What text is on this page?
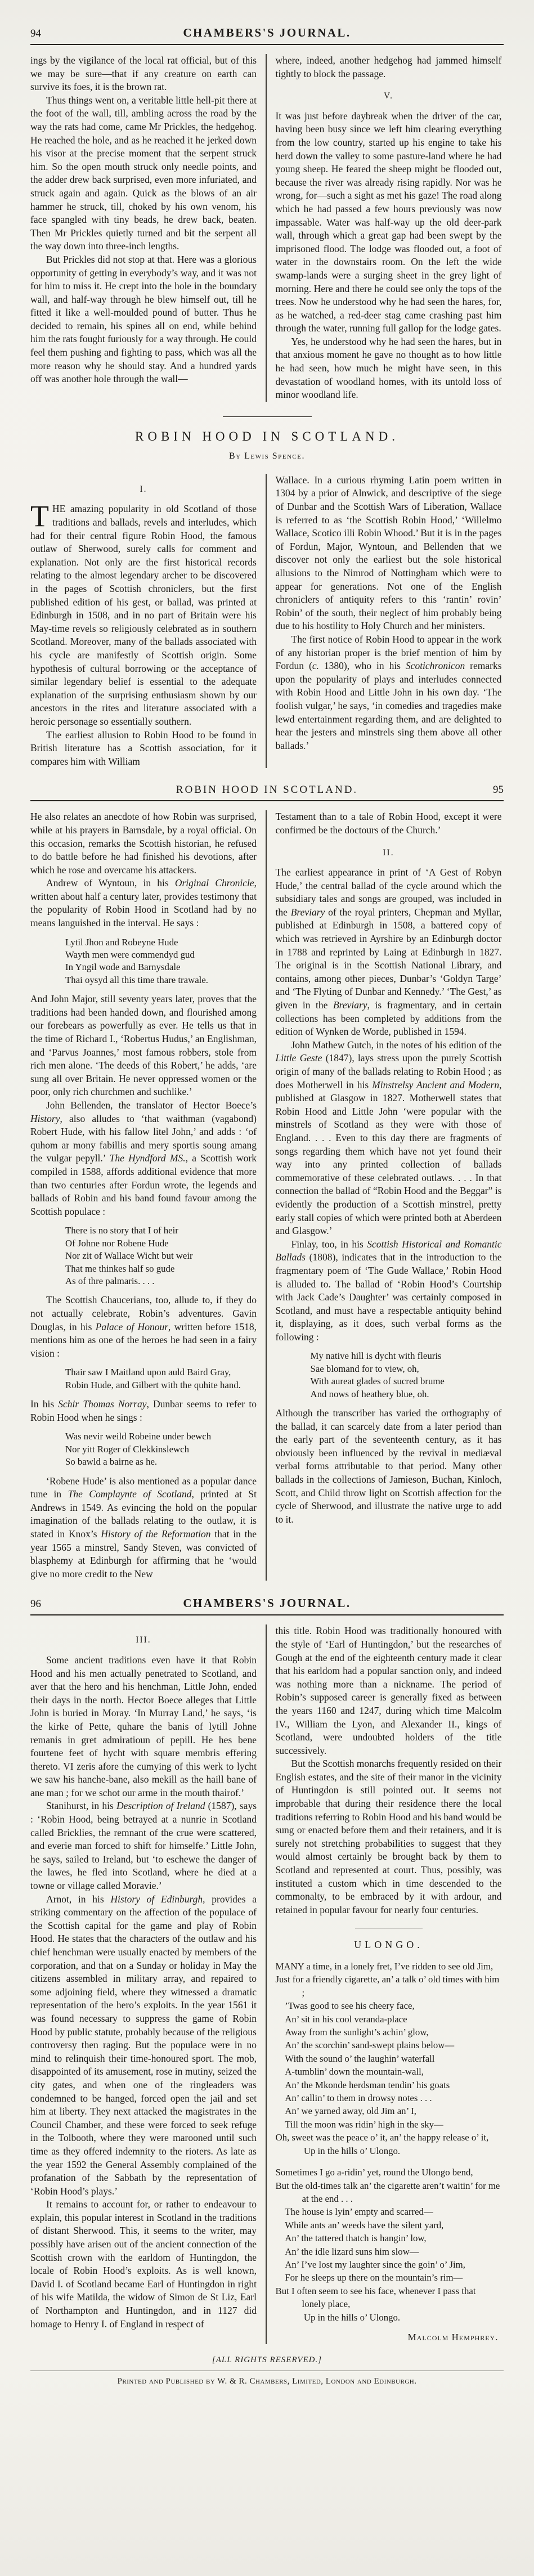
94	CHAMBERS'S JOURNAL.

ings by the vigilance of the local rat official, but of this we may be sure—that if any creature on earth can survive its foes, it is the brown rat.

Thus things went on, a veritable little hell-pit there at the foot of the wall, till, ambling across the road by the way the rats had come, came Mr Prickles, the hedgehog. He reached the hole, and as he reached it he jerked down his visor at the precise moment that the serpent struck him. So the open mouth struck only needle points, and the adder drew back surprised, even more infuriated, and struck again and again. Quick as the blows of an air hammer he struck, till, choked by his own venom, his face spangled with tiny beads, he drew back, beaten. Then Mr Prickles quietly turned and bit the serpent all the way down into three-inch lengths.

But Prickles did not stop at that. Here was a glorious opportunity of getting in everybody’s way, and it was not for him to miss it. He crept into the hole in the boundary wall, and half-way through he blew himself out, till he fitted it like a well-moulded pound of butter. Thus he decided to remain, his spines all on end, while behind him the rats fought furiously for a way through. He could feel them pushing and fighting to pass, which was all the more reason why he should stay. And a hundred yards off was another hole through the wall—

where, indeed, another hedgehog had jammed himself tightly to block the passage.

V.

It was just before daybreak when the driver of the car, having been busy since we left him clearing everything from the low country, started up his engine to take his herd down the valley to some pasture-land where he had young sheep. He feared the sheep might be flooded out, because the river was already rising rapidly. Nor was he wrong, for—such a sight as met his gaze! The road along which he had passed a few hours previously was now impassable. Water was half-way up the old deer-park wall, through which a great gap had been swept by the imprisoned flood. The lodge was flooded out, a foot of water in the downstairs room. On the left the wide swamp-lands were a surging sheet in the grey light of morning. Here and there he could see only the tops of the trees. Now he understood why he had seen the hares, for, as he watched, a red-deer stag came crashing past him through the water, running full gallop for the lodge gates.

Yes, he understood why he had seen the hares, but in that anxious moment he gave no thought as to how little he had seen, how much he might have seen, in this devastation of woodland homes, with its untold loss of minor woodland life.

ROBIN HOOD IN SCOTLAND.
By Lewis Spence.
I.

THE amazing popularity in old Scotland of those traditions and ballads, revels and interludes, which had for their central figure Robin Hood, the famous outlaw of Sherwood, surely calls for comment and explanation. Not only are the first historical records relating to the almost legendary archer to be discovered in the pages of Scottish chroniclers, but the first published edition of his gest, or ballad, was printed at Edinburgh in 1508, and in no part of Britain were his May-time revels so religiously celebrated as in southern Scotland. Moreover, many of the ballads associated with his cycle are manifestly of Scottish origin. Some hypothesis of cultural borrowing or the acceptance of similar legendary belief is essential to the adequate explanation of the surprising enthusiasm shown by our ancestors in the rites and literature associated with a heroic personage so essentially southern.

The earliest allusion to Robin Hood to be found in British literature has a Scottish association, for it compares him with William

Wallace. In a curious rhyming Latin poem written in 1304 by a prior of Alnwick, and descriptive of the siege of Dunbar and the Scottish Wars of Liberation, Wallace is referred to as ‘the Scottish Robin Hood,’ ‘Willelmo Wallace, Scotico illi Robin Whood.’ But it is in the pages of Fordun, Major, Wyntoun, and Bellenden that we discover not only the earliest but the sole historical allusions to the Nimrod of Nottingham which were to appear for generations. Not one of the English chroniclers of antiquity refers to this ‘rantin’ rovin’ Robin’ of the south, their neglect of him probably being due to his hostility to Holy Church and her ministers.

The first notice of Robin Hood to appear in the work of any historian proper is the brief mention of him by Fordun (c. 1380), who in his Scotichronicon remarks upon the popularity of plays and interludes connected with Robin Hood and Little John in his own day. ‘The foolish vulgar,’ he says, ‘in comedies and tragedies make lewd entertainment regarding them, and are delighted to hear the jesters and minstrels sing them above all other ballads.’

ROBIN HOOD IN SCOTLAND.	95

He also relates an anecdote of how Robin was surprised, while at his prayers in Barnsdale, by a royal official. On this occasion, remarks the Scottish historian, he refused to do battle before he had finished his devotions, after which he rose and overcame his attackers.

Andrew of Wyntoun, in his Original Chronicle, written about half a century later, provides testimony that the popularity of Robin Hood in Scotland had by no means languished in the interval. He says :

Lytil Jhon and Robeyne Hude
Wayth men were commendyd gud
In Yngil wode and Barnysdale
Thai oysyd all this time thare trawale.

And John Major, still seventy years later, proves that the traditions had been handed down, and flourished among our forebears as powerfully as ever. He tells us that in the time of Richard I., ‘Robertus Hudus,’ an Englishman, and ‘Parvus Joannes,’ most famous robbers, stole from rich men alone. ‘The deeds of this Robert,’ he adds, ‘are sung all over Britain. He never oppressed women or the poor, only rich churchmen and suchlike.’

John Bellenden, the translator of Hector Boece’s History, also alludes to ‘that waithman (vagabond) Robert Hude, with his fallow litel John,’ and adds : ‘of quhom ar mony fabillis and mery sportis soung amang the vulgar pepyll.’ The Hyndford MS., a Scottish work compiled in 1588, affords additional evidence that more than two centuries after Fordun wrote, the legends and ballads of Robin and his band found favour among the Scottish populace :

There is no story that I of heir
Of Johne nor Robene Hude
Nor zit of Wallace Wicht but weir
That me thinkes half so gude
As of thre palmaris. . . .

The Scottish Chaucerians, too, allude to, if they do not actually celebrate, Robin’s adventures. Gavin Douglas, in his Palace of Honour, written before 1518, mentions him as one of the heroes he had seen in a fairy vision :

Thair saw I Maitland upon auld Baird Gray,
Robin Hude, and Gilbert with the quhite hand.

In his Schir Thomas Norray, Dunbar seems to refer to Robin Hood when he sings :

Was nevir weild Robeine under bewch
Nor yitt Roger of Clekkinslewch
So bawld a bairne as he.

‘Robene Hude’ is also mentioned as a popular dance tune in The Complaynte of Scotland, printed at St Andrews in 1549. As evincing the hold on the popular imagination of the ballads relating to the outlaw, it is stated in Knox’s History of the Reformation that in the year 1565 a minstrel, Sandy Steven, was convicted of blasphemy at Edinburgh for affirming that he ‘would give no more credit to the New

Testament than to a tale of Robin Hood, except it were confirmed be the doctours of the Church.’

II.

The earliest appearance in print of ‘A Gest of Robyn Hude,’ the central ballad of the cycle around which the subsidiary tales and songs are grouped, was included in the Breviary of the royal printers, Chepman and Myllar, published at Edinburgh in 1508, a battered copy of which was retrieved in Ayrshire by an Edinburgh doctor in 1788 and reprinted by Laing at Edinburgh in 1827. The original is in the Scottish National Library, and contains, among other pieces, Dunbar’s ‘Goldyn Targe’ and ‘The Flyting of Dunbar and Kennedy.’ ‘The Gest,’ as given in the Breviary, is fragmentary, and in certain collections has been completed by additions from the edition of Wynken de Worde, published in 1594.

John Mathew Gutch, in the notes of his edition of the Little Geste (1847), lays stress upon the purely Scottish origin of many of the ballads relating to Robin Hood ; as does Motherwell in his Minstrelsy Ancient and Modern, published at Glasgow in 1827. Motherwell states that Robin Hood and Little John ‘were popular with the minstrels of Scotland as they were with those of England. . . . Even to this day there are fragments of songs regarding them which have not yet found their way into any printed collection of ballads commemorative of these celebrated outlaws. . . . In that connection the ballad of “Robin Hood and the Beggar” is evidently the production of a Scottish minstrel, pretty early stall copies of which were printed both at Aberdeen and Glasgow.’

Finlay, too, in his Scottish Historical and Romantic Ballads (1808), indicates that in the introduction to the fragmentary poem of ‘The Gude Wallace,’ Robin Hood is alluded to. The ballad of ‘Robin Hood’s Courtship with Jack Cade’s Daughter’ was certainly composed in Scotland, and must have a respectable antiquity behind it, displaying, as it does, such verbal forms as the following :

My native hill is dycht with fleuris
Sae blomand for to view, oh,
With aureat glades of sucred brume
And nows of heathery blue, oh.

Although the transcriber has varied the orthography of the ballad, it can scarcely date from a later period than the early part of the seventeenth century, as it has obviously been influenced by the revival in mediæval verbal forms attributable to that period. Many other ballads in the collections of Jamieson, Buchan, Kinloch, Scott, and Child throw light on Scottish affection for the cycle of Sherwood, and illustrate the native urge to add to it.

96	CHAMBERS'S JOURNAL.
III.

Some ancient traditions even have it that Robin Hood and his men actually penetrated to Scotland, and aver that the hero and his henchman, Little John, ended their days in the north. Hector Boece alleges that Little John is buried in Moray. ‘In Murray Land,’ he says, ‘is the kirke of Pette, quhare the banis of lytill Johne remanis in gret admiratioun of pepill. He hes bene fourtene feet of hycht with square membris effering thereto. VI zeris afore the cumying of this werk to lycht we saw his hanche-bane, also mekill as the haill bane of ane man ; for we schot our arme in the mouth thairof.’

Stanihurst, in his Description of Ireland (1587), says : ‘Robin Hood, being betrayed at a nunrie in Scotland called Bricklies, the remnant of the crue were scattered, and everie man forced to shift for himselfe.’ Little John, he says, sailed to Ireland, but ‘to eschewe the danger of the lawes, he fled into Scotland, where he died at a towne or village called Moravie.’

Arnot, in his History of Edinburgh, provides a striking commentary on the affection of the populace of the Scottish capital for the game and play of Robin Hood. He states that the characters of the outlaw and his chief henchman were usually enacted by members of the corporation, and that on a Sunday or holiday in May the citizens assembled in military array, and repaired to some adjoining field, where they witnessed a dramatic representation of the hero’s exploits. In the year 1561 it was found necessary to suppress the game of Robin Hood by public statute, probably because of the religious controversy then raging. But the populace were in no mind to relinquish their time-honoured sport. The mob, disappointed of its amusement, rose in mutiny, seized the city gates, and when one of the ringleaders was condemned to be hanged, forced open the jail and set him at liberty. They next attacked the magistrates in the Council Chamber, and these were forced to seek refuge in the Tolbooth, where they were marooned until such time as they offered indemnity to the rioters. As late as the year 1592 the General Assembly complained of the profanation of the Sabbath by the representation of ‘Robin Hood’s plays.’

It remains to account for, or rather to endeavour to explain, this popular interest in Scotland in the traditions of distant Sherwood. This, it seems to the writer, may possibly have arisen out of the ancient connection of the Scottish crown with the earldom of Huntingdon, the locale of Robin Hood’s exploits. As is well known, David I. of Scotland became Earl of Huntingdon in right of his wife Matilda, the widow of Simon de St Liz, Earl of Northampton and Huntingdon, and in 1127 did homage to Henry I. of England in respect of

this title. Robin Hood was traditionally honoured with the style of ‘Earl of Huntingdon,’ but the researches of Gough at the end of the eighteenth century made it clear that his earldom had a popular sanction only, and indeed was nothing more than a nickname. The period of Robin’s supposed career is generally fixed as between the years 1160 and 1247, during which time Malcolm IV., William the Lyon, and Alexander II., kings of Scotland, were undoubted holders of the title successively.

But the Scottish monarchs frequently resided on their English estates, and the site of their manor in the vicinity of Huntingdon is still pointed out. It seems not improbable that during their residence there the local traditions referring to Robin Hood and his band would be sung or enacted before them and their retainers, and it is surely not stretching probabilities to suggest that they would almost certainly be brought back by them to Scotland and represented at court. Thus, possibly, was instituted a custom which in time descended to the commonalty, to be embraced by it with ardour, and retained in popular favour for nearly four centuries.

ULONGO.
MANY a time, in a lonely fret, I’ve ridden to see old Jim,
Just for a friendly cigarette, an’ a talk o’ old times with him ;
 ’Twas good to see his cheery face,
 An’ sit in his cool veranda-place
 Away from the sunlight’s achin’ glow,
 An’ the scorchin’ sand-swept plains below—
 With the sound o’ the laughin’ waterfall
 A-tumblin’ down the mountain-wall,
 An’ the Mkonde herdsman tendin’ his goats
 An’ callin’ to them in drowsy notes . . .
 An’ we yarned away, old Jim an’ I,
 Till the moon was ridin’ high in the sky—
Oh, sweet was the peace o’ it, an’ the happy release o’ it,
   Up in the hills o’ Ulongo.
Sometimes I go a-ridin’ yet, round the Ulongo bend,
But the old-times talk an’ the cigarette aren’t waitin’ for me at the end . . .
 The house is lyin’ empty and scarred—
 While ants an’ weeds have the silent yard,
 An’ the tattered thatch is hangin’ low,
 An’ the idle lizard suns him slow—
 An’ I’ve lost my laughter since the goin’ o’ Jim,
 For he sleeps up there on the mountain’s rim—
But I often seem to see his face, whenever I pass that lonely place,
   Up in the hills o’ Ulongo.
Malcolm Hemphrey.
[ALL RIGHTS RESERVED.]
Printed and Published by W. & R. Chambers, Limited, London and Edinburgh.
